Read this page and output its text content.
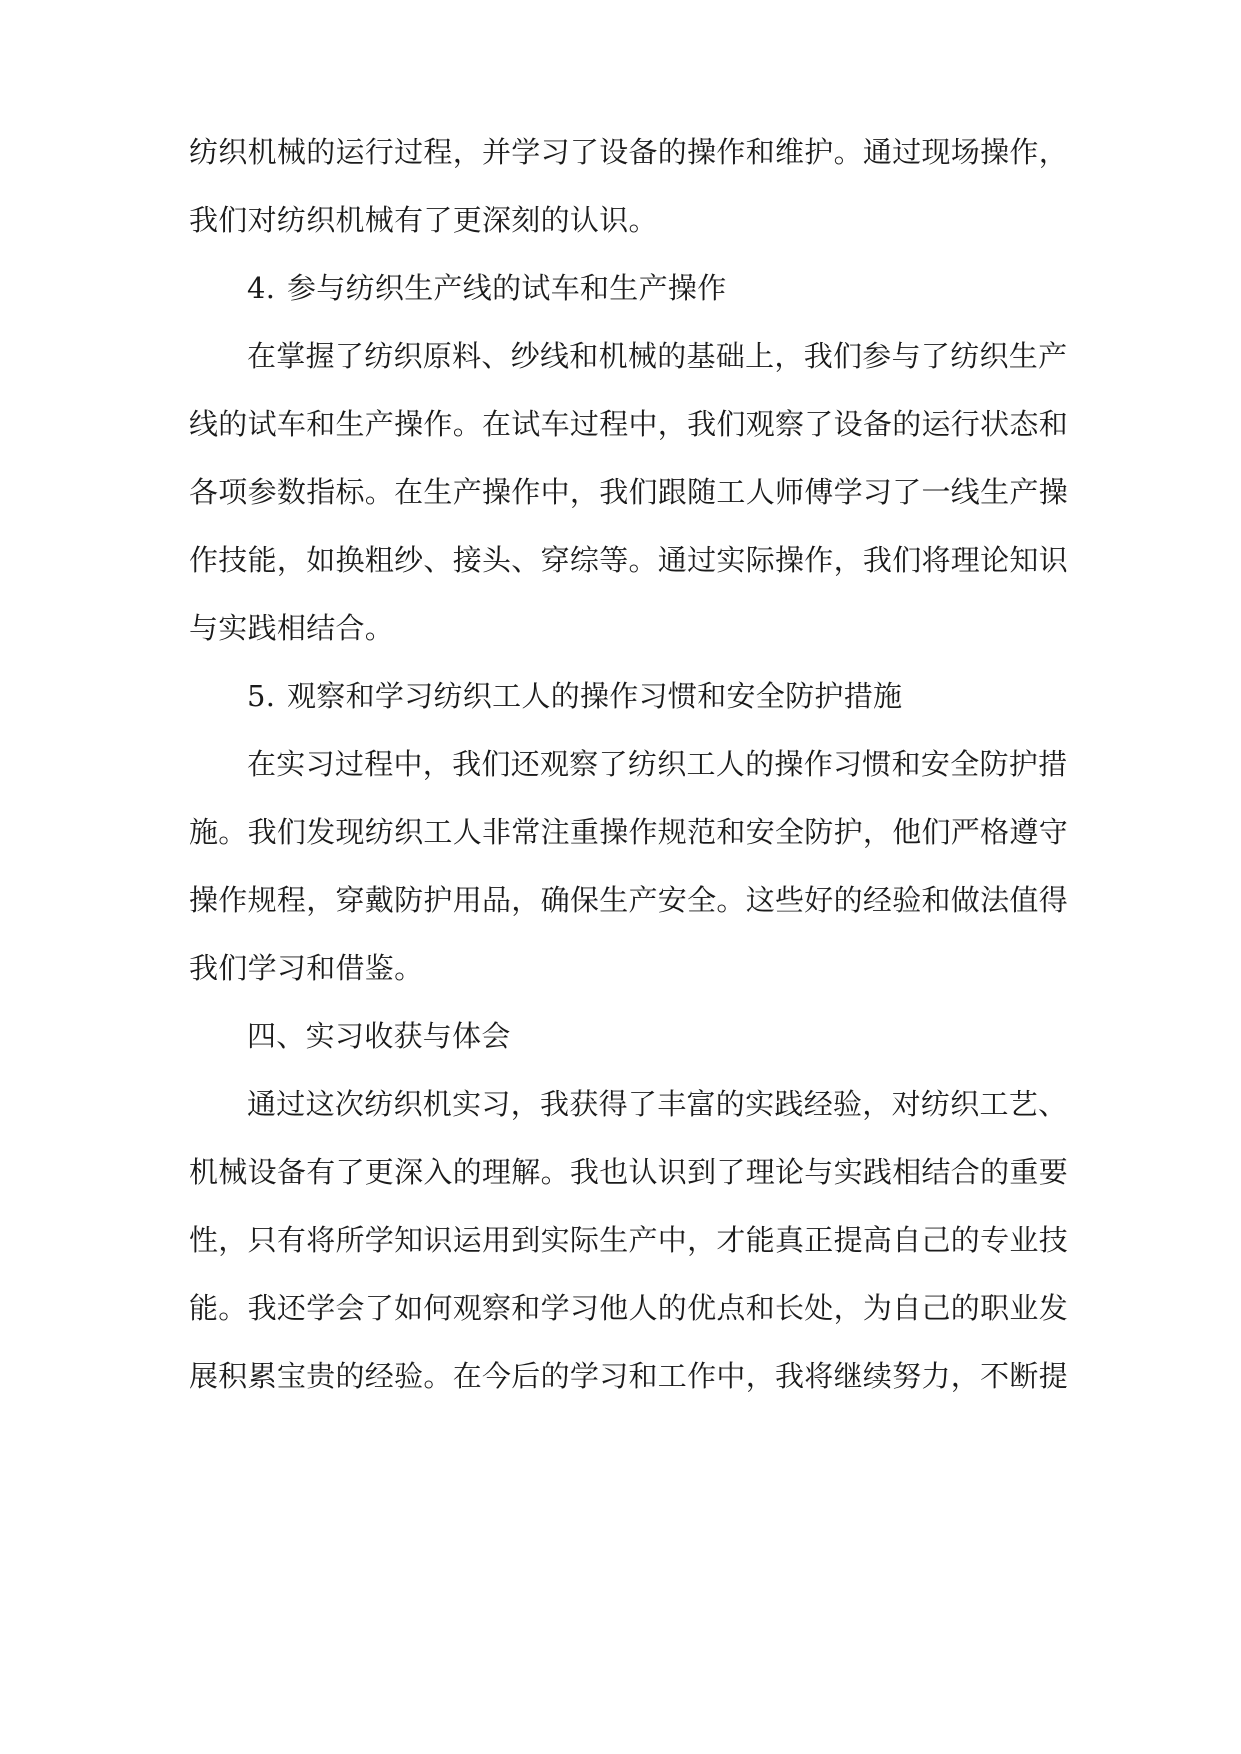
纺织机械的运行过程，并学习了设备的操作和维护。通过现场操作，
我们对纺织机械有了更深刻的认识。
4. 参与纺织生产线的试车和生产操作
在掌握了纺织原料、纱线和机械的基础上，我们参与了纺织生产
线的试车和生产操作。在试车过程中，我们观察了设备的运行状态和
各项参数指标。在生产操作中，我们跟随工人师傅学习了一线生产操
作技能，如换粗纱、接头、穿综等。通过实际操作，我们将理论知识
与实践相结合。
5. 观察和学习纺织工人的操作习惯和安全防护措施
在实习过程中，我们还观察了纺织工人的操作习惯和安全防护措
施。我们发现纺织工人非常注重操作规范和安全防护，他们严格遵守
操作规程，穿戴防护用品，确保生产安全。这些好的经验和做法值得
我们学习和借鉴。
四、实习收获与体会
通过这次纺织机实习，我获得了丰富的实践经验，对纺织工艺、
机械设备有了更深入的理解。我也认识到了理论与实践相结合的重要
性，只有将所学知识运用到实际生产中，才能真正提高自己的专业技
能。我还学会了如何观察和学习他人的优点和长处，为自己的职业发
展积累宝贵的经验。在今后的学习和工作中，我将继续努力，不断提
